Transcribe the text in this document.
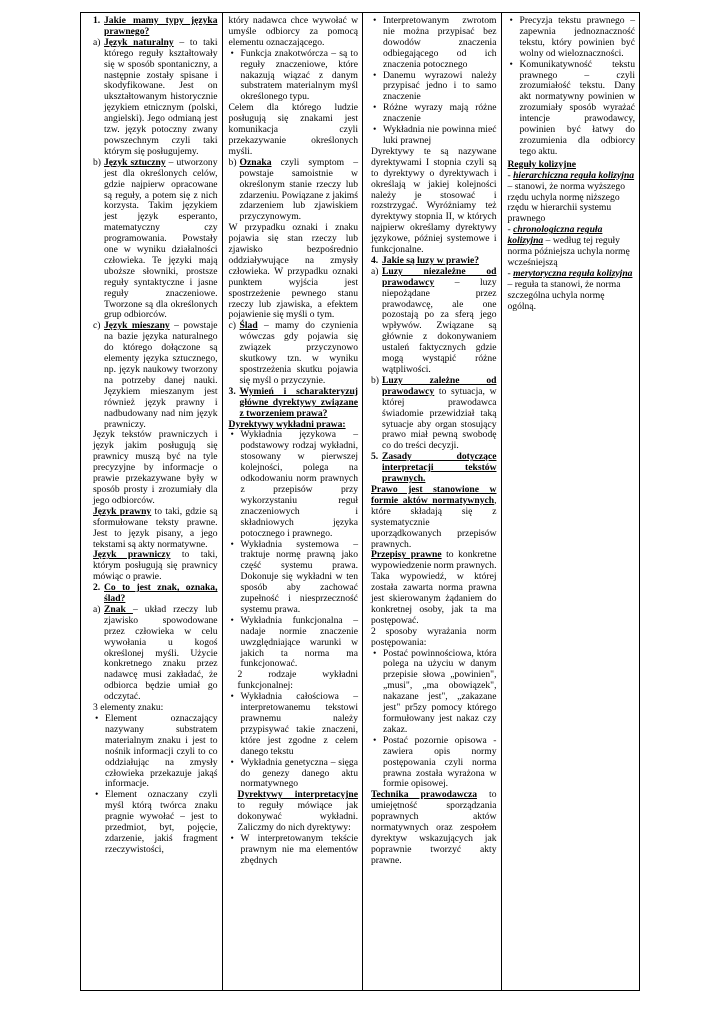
1. Jakie mamy typy języka prawnego?

a) Język naturalny – to taki którego reguły kształtowały się w sposób spontaniczny, a następnie zostały spisane i skodyfikowane. Jest on ukształtowanym historycznie językiem etnicznym (polski, angielski). Jego odmianą jest tzw. język potoczny zwany powszechnym czyli taki którym się posługujemy.

b) Język sztuczny – utworzony jest dla określonych celów, gdzie najpierw opracowane są reguły, a potem się z nich korzysta. Takim językiem jest język esperanto, matematyczny czy programowania. Powstały one w wyniku działalności człowieka. Te języki mają uboższe słowniki, prostsze reguły syntaktyczne i jasne reguły znaczeniowe. Tworzone są dla określonych grup odbiorców.

c) Język mieszany – powstaje na bazie języka naturalnego do którego dołączone są elementy języka sztucznego, np. język naukowy tworzony na potrzeby danej nauki. Językiem mieszanym jest również język prawny i nadbudowany nad nim język prawniczy.

Język tekstów prawniczych i język jakim posługują się prawnicy muszą być na tyle precyzyjne by informacje o prawie przekazywane były w sposób prosty i zrozumiały dla jego odbiorców.

Język prawny to taki, gdzie są sformułowane teksty prawne. Jest to język pisany, a jego tekstami są akty normatywne.

Język prawniczy to taki, którym posługują się prawnicy mówiąc o prawie.

2. Co to jest znak, oznaka, ślad?

a) Znak – układ rzeczy lub zjawisko spowodowane przez człowieka w celu wywołania u kogoś określonej myśli. Użycie konkretnego znaku przez nadawcę musi zakładać, że odbiorca będzie umiał go odczytać.

3 elementy znaku:

• Element oznaczający nazywany substratem materialnym znaku i jest to nośnik informacji czyli to co oddziałując na zmysły człowieka przekazuje jakąś informacje.
• Element oznaczany czyli myśl którą twórca znaku pragnie wywołać – jest to przedmiot, byt, pojęcie, zdarzenie, jakiś fragment rzeczywistości,

który nadawca chce wywołać w umyśle odbiorcy za pomocą elementu oznaczającego.

• Funkcja znakotwórcza – są to reguły znaczeniowe, które nakazują wiązać z danym substratem materialnym myśl określonego typu.

Celem dla którego ludzie posługują się znakami jest komunikacja czyli przekazywanie określonych myśli.

b) Oznaka czyli symptom – powstaje samoistnie w określonym stanie rzeczy lub zdarzeniu. Powiązane z jakimś zdarzeniem lub zjawiskiem przyczynowym.

W przypadku oznaki i znaku pojawia się stan rzeczy lub zjawisko bezpośrednio oddziaływujące na zmysły człowieka. W przypadku oznaki punktem wyjścia jest spostrzeżenie pewnego stanu rzeczy lub zjawiska, a efektem pojawienie się myśli o tym.

c) Ślad – mamy do czynienia wówczas gdy pojawia się związek przyczynowo skutkowy tzn. w wyniku spostrzeżenia skutku pojawia się myśl o przyczynie.

3. Wymień i scharakteryzuj główne dyrektywy związane z tworzeniem prawa?

Dyrektywy wykładni prawa:

• Wykładnia językowa – podstawowy rodzaj wykładni, stosowany w pierwszej kolejności, polega na odkodowaniu norm prawnych z przepisów przy wykorzystaniu reguł znaczeniowych i składniowych języka potocznego i prawnego.
• Wykładnia systemowa – traktuje normę prawną jako część systemu prawa. Dokonuje się wykładni w ten sposób aby zachować zupełność i niesprzeczność systemu prawa.
• Wykładnia funkcjonalna – nadaje normie znaczenie uwzględniające warunki w jakich ta norma ma funkcjonować.

2 rodzaje wykładni funkcjonalnej:

• Wykładnia całościowa – interpretowanemu tekstowi prawnemu należy przypisywać takie znaczeni, które jest zgodne z celem danego tekstu
• Wykładnia genetyczna – sięga do genezy danego aktu normatywnego

Dyrektywy interpretacyjne to reguły mówiące jak dokonywać wykładni. Zaliczmy do nich dyrektywy:

• W interpretowanym tekście prawnym nie ma elementów zbędnych
• Interpretowanym zwrotom nie można przypisać bez dowodów znaczenia odbiegającego od ich znaczenia potocznego
• Danemu wyrazowi należy przypisać jedno i to samo znaczenie
• Różne wyrazy mają różne znaczenie
• Wykładnia nie powinna mieć luki prawnej

Dyrektywy te są nazywane dyrektywami I stopnia czyli są to dyrektywy o dyrektywach i określają w jakiej kolejności należy je stosować i rozstrzygać. Wyróżniamy też dyrektywy stopnia II, w których najpierw określamy dyrektywy językowe, później systemowe i funkcjonalne.

4. Jakie są luzy w prawie?

a) Luzy niezależne od prawodawcy – luzy niepożądane przez prawodawcę, ale one pozostają po za sferą jego wpływów. Związane są głównie z dokonywaniem ustaleń faktycznych gdzie mogą wystąpić różne wątpliwości.

b) Luzy zależne od prawodawcy to sytuacja, w której prawodawca świadomie przewidział taką sytuacje aby organ stosujący prawo miał pewną swobodę co do treści decyzji.

5. Zasady dotyczące interpretacji tekstów prawnych.

Prawo jest stanowione w formie aktów normatywnych, które składają się z systematycznie uporządkowanych przepisów prawnych.

Przepisy prawne to konkretne wypowiedzenie norm prawnych. Taka wypowiedź, w której została zawarta norma prawna jest skierowanym żądaniem do konkretnej osoby, jak ta ma postępować.

2 sposoby wyrażania norm postępowania:

• Postać powinnościowa, która polega na użyciu w danym przepisie słowa „powinien", „musi", „ma obowiązek", nakazane jest", „zakazane jest" pr5zy pomocy którego formułowany jest nakaz czy zakaz.
• Postać pozornie opisowa - zawiera opis normy postępowania czyli norma prawna została wyrażona w formie opisowej.

Technika prawodawcza to umiejętność sporządzania poprawnych aktów normatywnych oraz zespołem dyrektyw wskazujących jak poprawnie tworzyć akty prawne.

• Precyzja tekstu prawnego – zapewnia jednoznaczność tekstu, który powinien być wolny od wieloznaczności.
• Komunikatywność tekstu prawnego – czyli zrozumiałość tekstu. Dany akt normatywny powinien w zrozumiały sposób wyrażać intencje prawodawcy, powinien być łatwy do zrozumienia dla odbiorcy tego aktu.

Reguły kolizyjne

- hierarchiczna reguła kolizyjna – stanowi, że norma wyższego rzędu uchyla normę niższego rzędu w hierarchii systemu prawnego

- chronologiczna reguła kolizyjna – według tej reguły norma późniejsza uchyla normę wcześniejszą

- merytoryczna reguła kolizyjna – reguła ta stanowi, że norma szczególna uchyla normę ogólną.
